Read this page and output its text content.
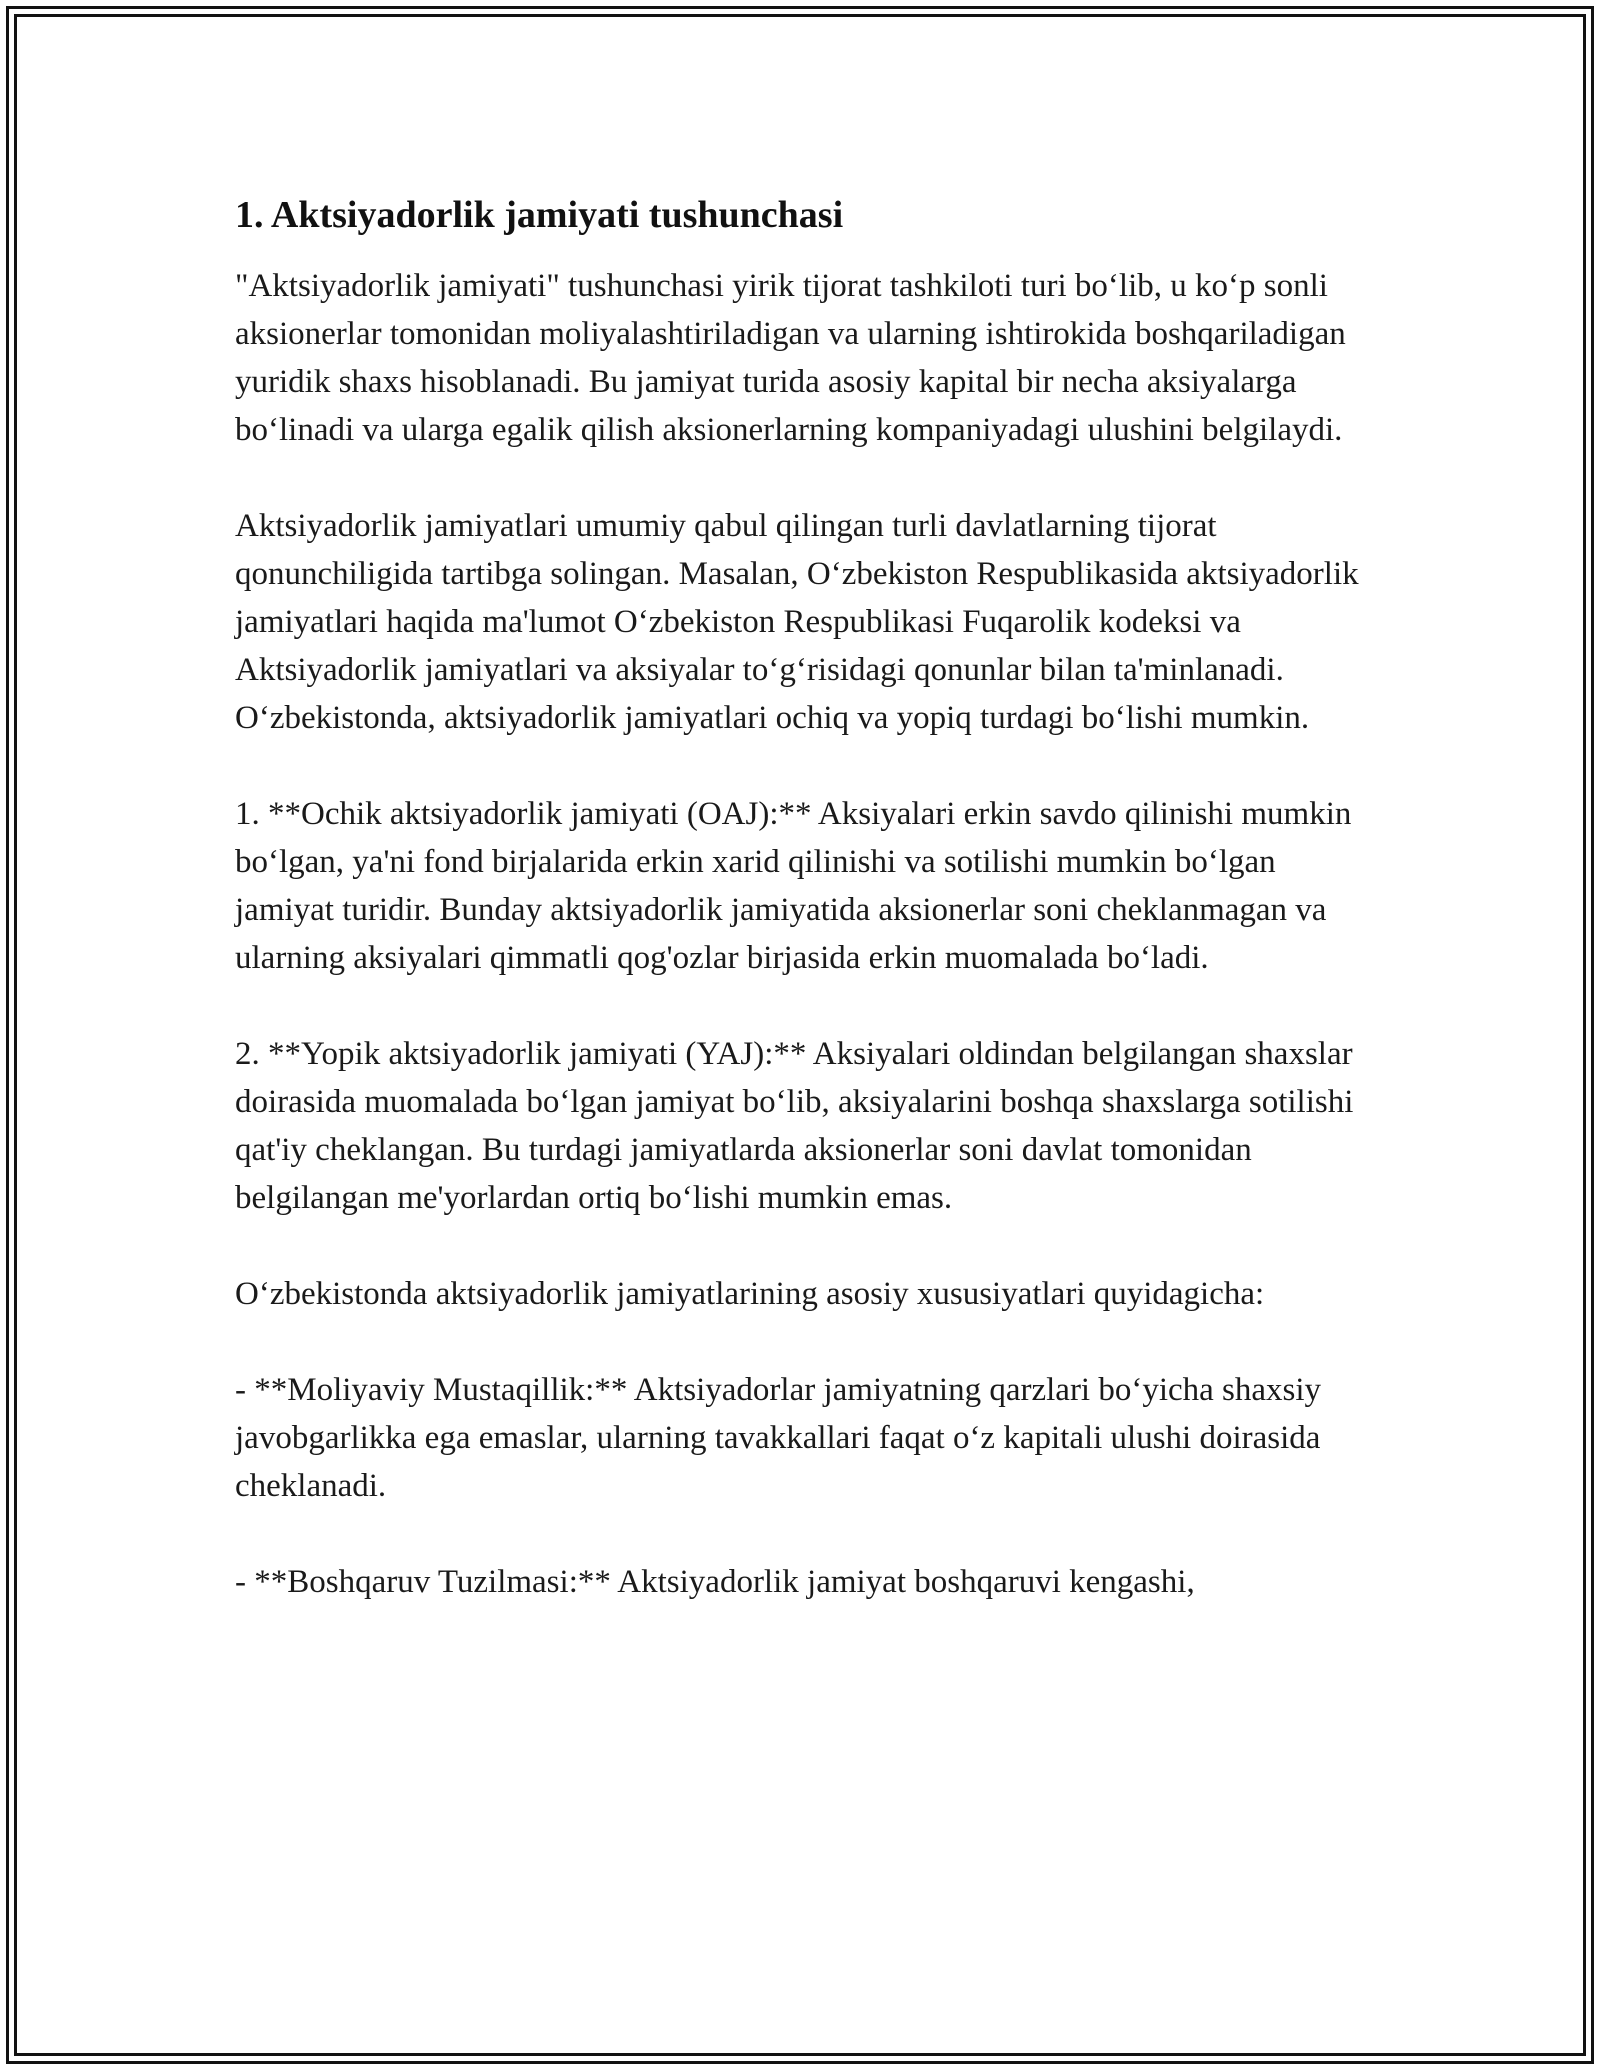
1. Aktsiyadorlik jamiyati tushunchasi

"Aktsiyadorlik jamiyati" tushunchasi yirik tijorat tashkiloti turi bo‘lib, u ko‘p sonli aksionerlar tomonidan moliyalashtiriladigan va ularning ishtirokida boshqariladigan yuridik shaxs hisoblanadi. Bu jamiyat turida asosiy kapital bir necha aksiyalarga bo‘linadi va ularga egalik qilish aksionerlarning kompaniyadagi ulushini belgilaydi.

Aktsiyadorlik jamiyatlari umumiy qabul qilingan turli davlatlarning tijorat qonunchiligida tartibga solingan. Masalan, O‘zbekiston Respublikasida aktsiyadorlik jamiyatlari haqida ma'lumot O‘zbekiston Respublikasi Fuqarolik kodeksi va Aktsiyadorlik jamiyatlari va aksiyalar to‘g‘risidagi qonunlar bilan ta'minlanadi. O‘zbekistonda, aktsiyadorlik jamiyatlari ochiq va yopiq turdagi bo‘lishi mumkin.

1. **Ochik aktsiyadorlik jamiyati (OAJ):** Aksiyalari erkin savdo qilinishi mumkin bo‘lgan, ya'ni fond birjalarida erkin xarid qilinishi va sotilishi mumkin bo‘lgan jamiyat turidir. Bunday aktsiyadorlik jamiyatida aksionerlar soni cheklanmagan va ularning aksiyalari qimmatli qog'ozlar birjasida erkin muomalada bo‘ladi.

2. **Yopik aktsiyadorlik jamiyati (YAJ):** Aksiyalari oldindan belgilangan shaxslar doirasida muomalada bo‘lgan jamiyat bo‘lib, aksiyalarini boshqa shaxslarga sotilishi qat'iy cheklangan. Bu turdagi jamiyatlarda aksionerlar soni davlat tomonidan belgilangan me'yorlardan ortiq bo‘lishi mumkin emas.

O‘zbekistonda aktsiyadorlik jamiyatlarining asosiy xususiyatlari quyidagicha:

- **Moliyaviy Mustaqillik:** Aktsiyadorlar jamiyatning qarzlari bo‘yicha shaxsiy javobgarlikka ega emaslar, ularning tavakkallari faqat o‘z kapitali ulushi doirasida cheklanadi.

- **Boshqaruv Tuzilmasi:** Aktsiyadorlik jamiyat boshqaruvi kengashi,
